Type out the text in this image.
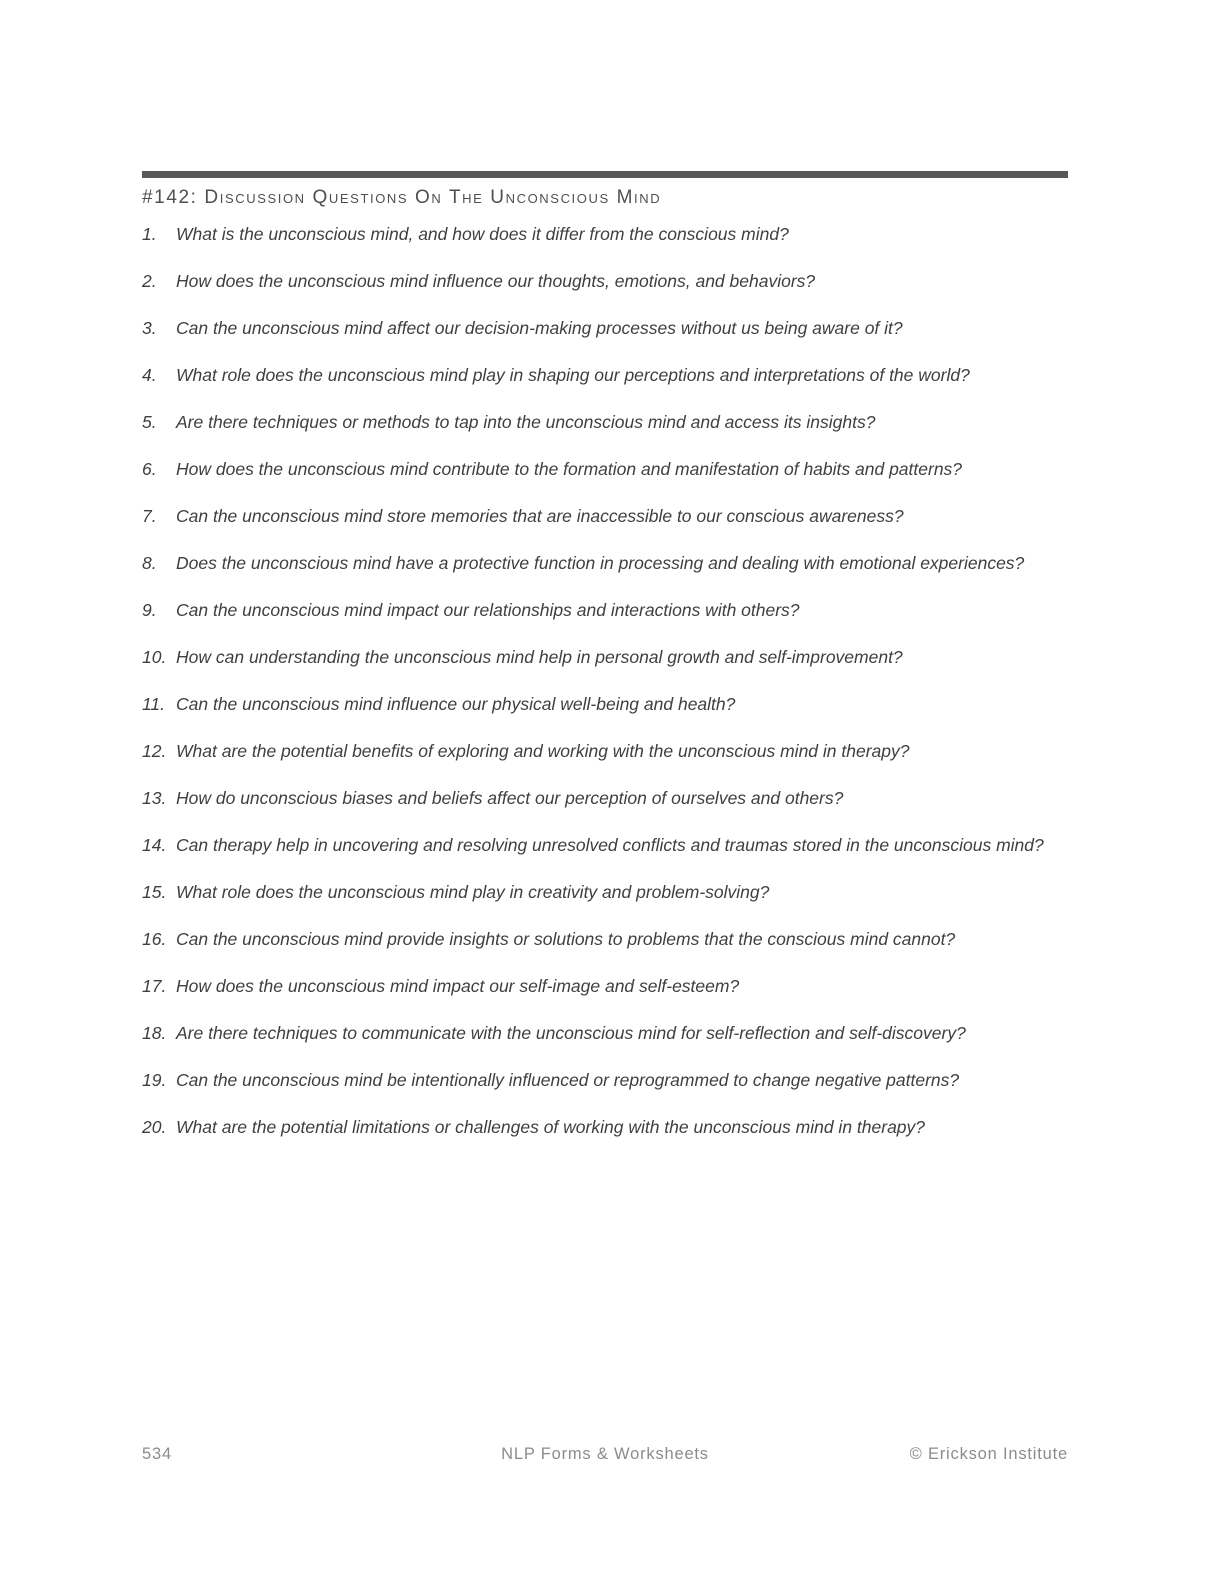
#142: Discussion Questions On The Unconscious Mind
1. What is the unconscious mind, and how does it differ from the conscious mind?
2. How does the unconscious mind influence our thoughts, emotions, and behaviors?
3. Can the unconscious mind affect our decision-making processes without us being aware of it?
4. What role does the unconscious mind play in shaping our perceptions and interpretations of the world?
5. Are there techniques or methods to tap into the unconscious mind and access its insights?
6. How does the unconscious mind contribute to the formation and manifestation of habits and patterns?
7. Can the unconscious mind store memories that are inaccessible to our conscious awareness?
8. Does the unconscious mind have a protective function in processing and dealing with emotional experiences?
9. Can the unconscious mind impact our relationships and interactions with others?
10. How can understanding the unconscious mind help in personal growth and self-improvement?
11. Can the unconscious mind influence our physical well-being and health?
12. What are the potential benefits of exploring and working with the unconscious mind in therapy?
13. How do unconscious biases and beliefs affect our perception of ourselves and others?
14. Can therapy help in uncovering and resolving unresolved conflicts and traumas stored in the unconscious mind?
15. What role does the unconscious mind play in creativity and problem-solving?
16. Can the unconscious mind provide insights or solutions to problems that the conscious mind cannot?
17. How does the unconscious mind impact our self-image and self-esteem?
18. Are there techniques to communicate with the unconscious mind for self-reflection and self-discovery?
19. Can the unconscious mind be intentionally influenced or reprogrammed to change negative patterns?
20. What are the potential limitations or challenges of working with the unconscious mind in therapy?
534	NLP Forms & Worksheets	© Erickson Institute
